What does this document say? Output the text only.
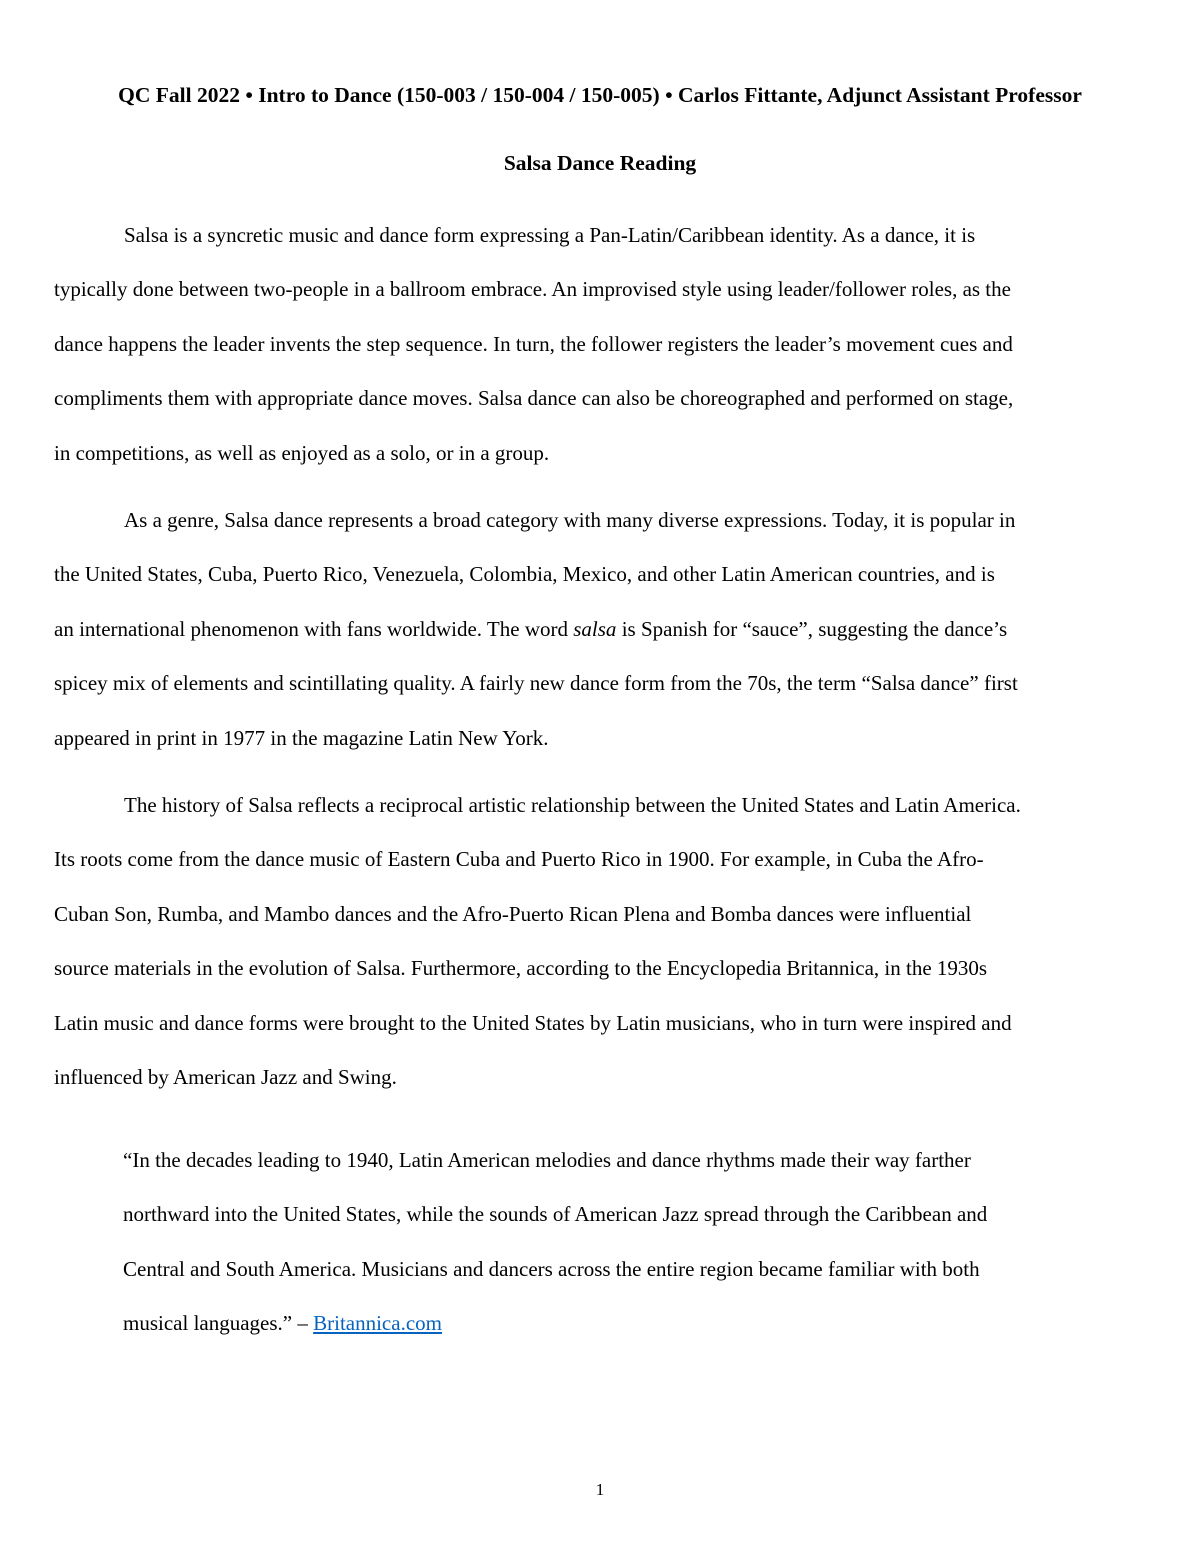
QC Fall 2022 • Intro to Dance (150-003 / 150-004 / 150-005) • Carlos Fittante, Adjunct Assistant Professor
Salsa Dance Reading

Salsa is a syncretic music and dance form expressing a Pan-Latin/Caribbean identity. As a dance, it is

typically done between two-people in a ballroom embrace. An improvised style using leader/follower roles, as the
dance happens the leader invents the step sequence. In turn, the follower registers the leader’s movement cues and
compliments them with appropriate dance moves. Salsa dance can also be choreographed and performed on stage,
in competitions, as well as enjoyed as a solo, or in a group.

As a genre, Salsa dance represents a broad category with many diverse expressions. Today, it is popular in

the United States, Cuba, Puerto Rico, Venezuela, Colombia, Mexico, and other Latin American countries, and is
an international phenomenon with fans worldwide. The word salsa is Spanish for “sauce”, suggesting the dance’s
spicey mix of elements and scintillating quality. A fairly new dance form from the 70s, the term “Salsa dance” first
appeared in print in 1977 in the magazine Latin New York.

The history of Salsa reflects a reciprocal artistic relationship between the United States and Latin America.

Its roots come from the dance music of Eastern Cuba and Puerto Rico in 1900. For example, in Cuba the Afro-
Cuban Son, Rumba, and Mambo dances and the Afro-Puerto Rican Plena and Bomba dances were influential
source materials in the evolution of Salsa. Furthermore, according to the Encyclopedia Britannica, in the 1930s
Latin music and dance forms were brought to the United States by Latin musicians, who in turn were inspired and
influenced by American Jazz and Swing.
“In the decades leading to 1940, Latin American melodies and dance rhythms made their way farther
northward into the United States, while the sounds of American Jazz spread through the Caribbean and
Central and South America. Musicians and dancers across the entire region became familiar with both
musical languages.” – Britannica.com
1
